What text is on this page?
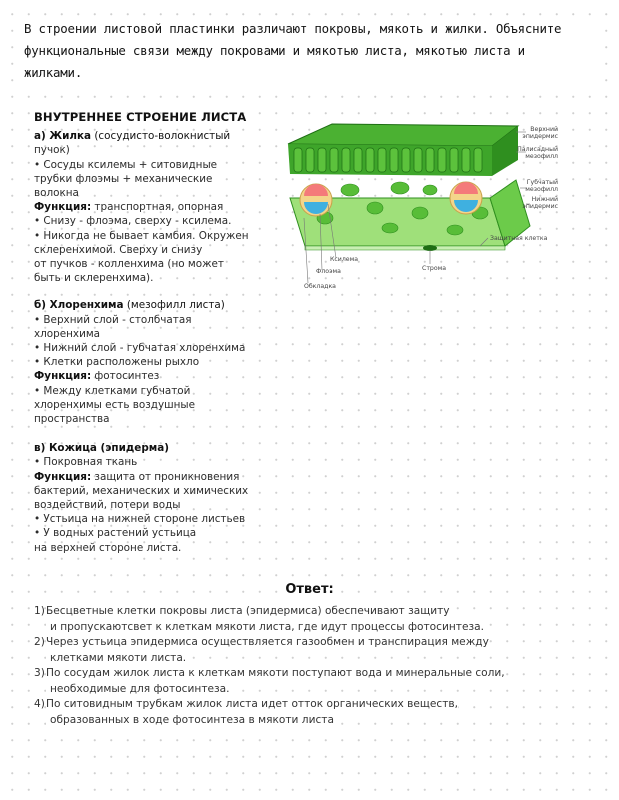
В строении листовой пластинки различают покровы, мякоть и жилки. Объясните
функциональные связи между покровами и мякотью листа, мякотью листа и
жилками.
ВНУТРЕННЕЕ СТРОЕНИЕ ЛИСТА
а) Жилка (сосудисто-волокнистый
пучок)
• Сосуды ксилемы + ситовидные
трубки флоэмы + механические
волокна
Функция: транспортная, опорная
• Снизу - флоэма, сверху - ксилема.
• Никогда не бывает камбия. Окружен
склеренхимой. Сверху и снизу
от пучков - колленхима (но может
быть и склеренхима).
б) Хлоренхима (мезофилл листа)
• Верхний слой - столбчатая
хлоренхима
• Нижний слой - губчатая хлоренхима
• Клетки расположены рыхло
Функция: фотосинтез
• Между клетками губчатой
хлоренхимы есть воздушные
пространства
в) Кожица (эпидерма)
• Покровная ткань
Функция: защита от проникновения
бактерий, механических и химических
воздействий, потери воды
• Устьица на нижней стороне листьев
• У водных растений устьица
на верхней стороне листа.
Верхний
эпидермис
Палисадный
мезофилл
Губчатый
мезофилл
Нижний
эпидермис
Защитная клетка
Ксилема
Строма
Флоэма
Обкладка
Ответ:
1) Бесцветные клетки покровы листа (эпидермиса) обеспечивают защиту
и пропускаютсвет к клеткам мякоти листа, где идут процессы фотосинтеза.
2) Через устьица эпидермиса осуществляется газообмен и транспирация между
клетками мякоти листа.
3) По сосудам жилок листа к клеткам мякоти поступают вода и минеральные соли,
необходимые для фотосинтеза.
4) По ситовидным трубкам жилок листа идет отток органических веществ,
образованных в ходе фотосинтеза в мякоти листа
